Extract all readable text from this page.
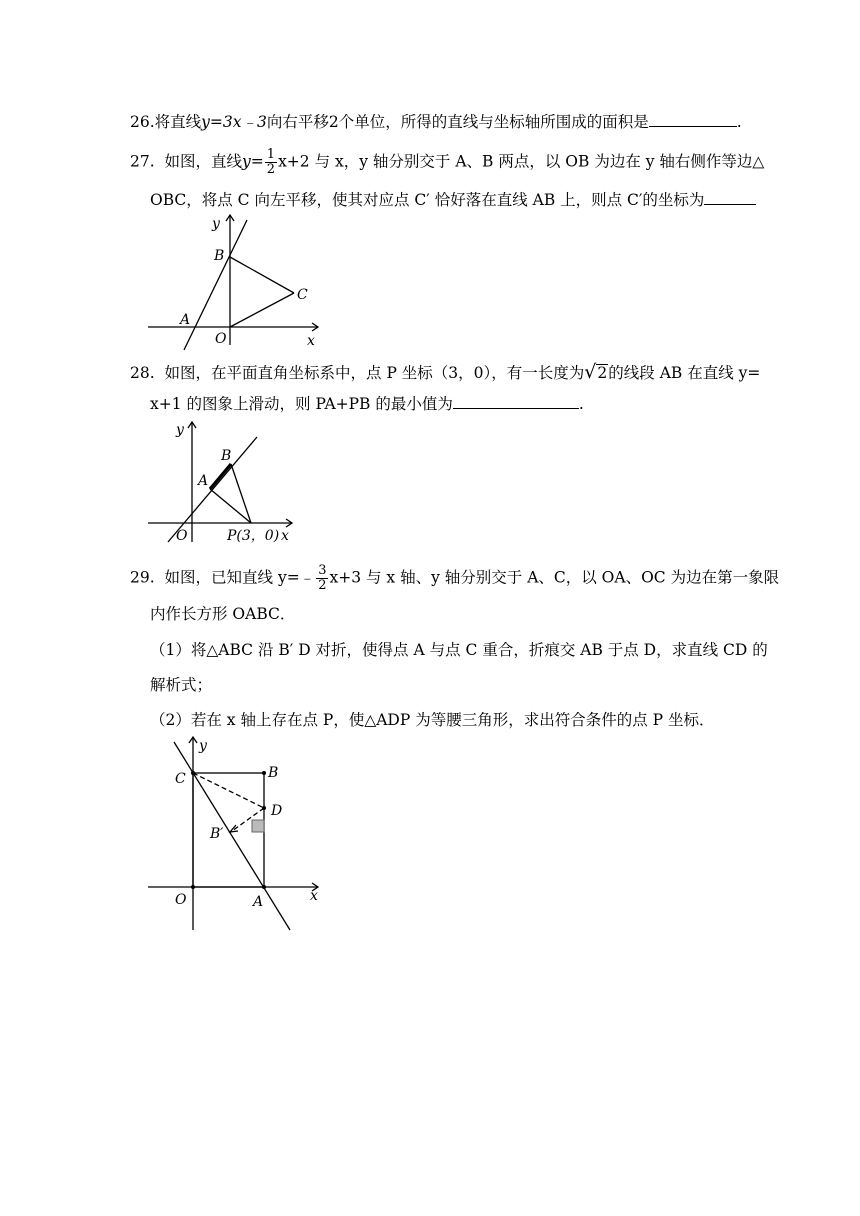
26.将直线y=3x﹣3向右平移2个单位，所得的直线与坐标轴所围成的面积是	.
27. 如图，直线$y= \frac{1}{2} x+2$ 与 x，y 轴分别交于 A、B 两点，以 OB 为边在 y 轴右侧作等边△
OBC，将点 C 向左平移，使其对应点 C′ 恰好落在直线 AB 上，则点 C′的坐标为
y
B
C
A
O	x
28. 如图，在平面直角坐标系中，点 P 坐标（3，0），有一长度为√2的线段 AB 在直线 y=
x+1 的图象上滑动，则 PA+PB 的最小值为	.
y
B
A
O	P(3，0) x
29. 如图，已知直线 y=﹣ $\frac{3}{2} x+3$ 与 x 轴、y 轴分别交于 A、C，以 OA、OC 为边在第一象限
内作长方形 OABC．
（1）将△ABC 沿 B′ D 对折，使得点 A 与点 C 重合，折痕交 AB 于点 D，求直线 CD 的
解析式；
（2）若在 x 轴上存在点 P，使△ADP 为等腰三角形，求出符合条件的点 P 坐标．
y
C	B
D
B′
O	A	x
